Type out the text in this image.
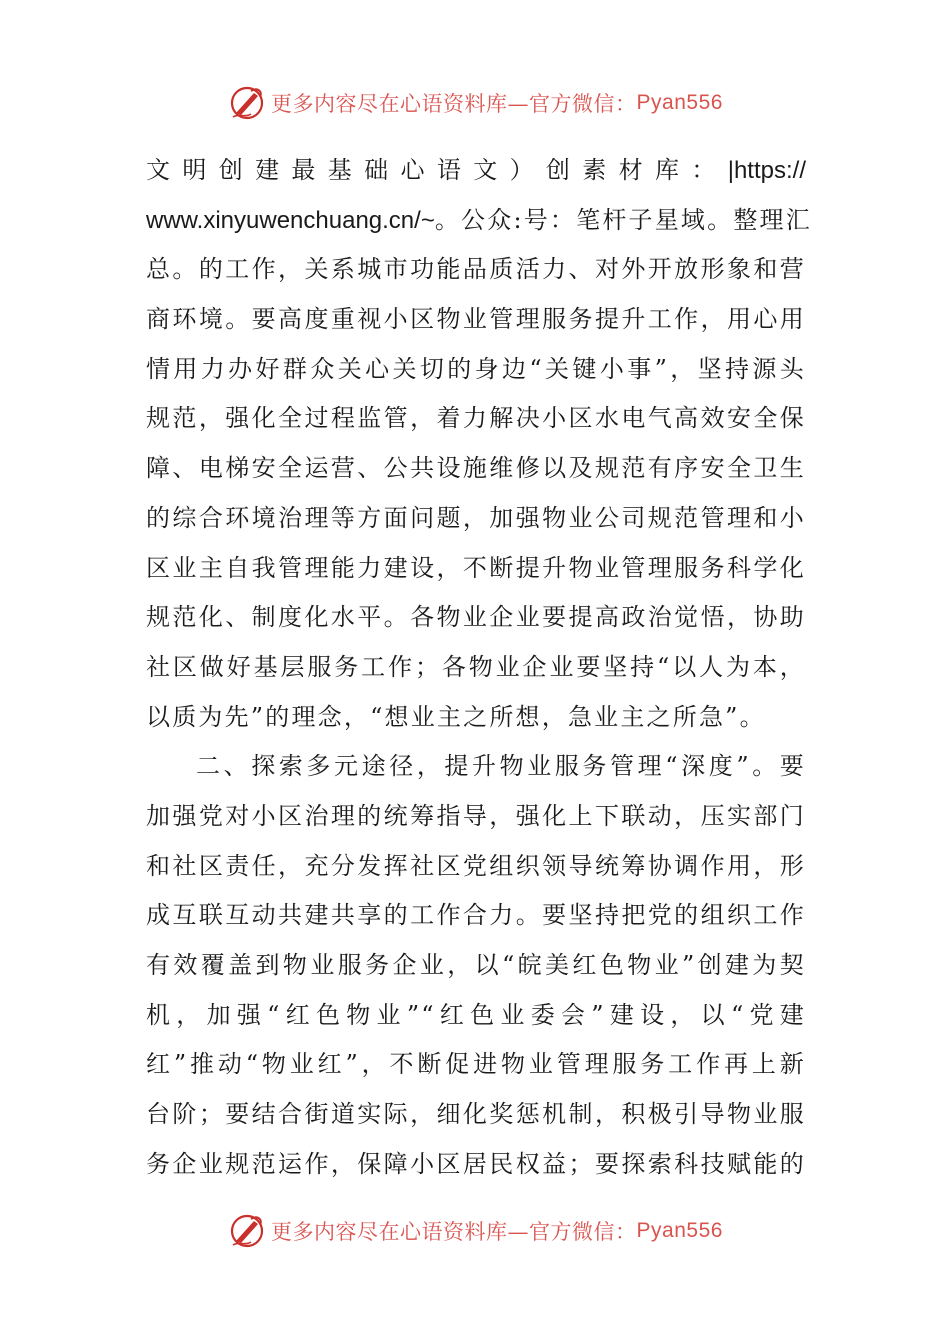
更多内容尽在心语资料库—官方微信： Pyan556
文 明 创 建 最 基 础 心 语 文 ） 创 素 材 库 ： |https://
www.xinyuwenchuang.cn/~。公众:号：笔杆子星域。整理汇
总。的工作，关系城市功能品质活力、对外开放形象和营
商环境。要高度重视小区物业管理服务提升工作，用心用
情用力办好群众关心关切的身边“关键小事”，坚持源头
规范，强化全过程监管，着力解决小区水电气高效安全保
障、电梯安全运营、公共设施维修以及规范有序安全卫生
的综合环境治理等方面问题，加强物业公司规范管理和小
区业主自我管理能力建设，不断提升物业管理服务科学化
规范化、制度化水平。各物业企业要提高政治觉悟，协助
社区做好基层服务工作；各物业企业要坚持“以人为本，
以质为先”的理念，“想业主之所想，急业主之所急”。
二、探索多元途径，提升物业服务管理“深度”。要
加强党对小区治理的统筹指导，强化上下联动，压实部门
和社区责任，充分发挥社区党组织领导统筹协调作用，形
成互联互动共建共享的工作合力。要坚持把党的组织工作
有效覆盖到物业服务企业，以“皖美红色物业”创建为契
机，加强“红色物业”“红色业委会”建设，以“党建
红”推动“物业红”，不断促进物业管理服务工作再上新
台阶；要结合街道实际，细化奖惩机制，积极引导物业服
务企业规范运作，保障小区居民权益；要探索科技赋能的
更多内容尽在心语资料库—官方微信： Pyan556
